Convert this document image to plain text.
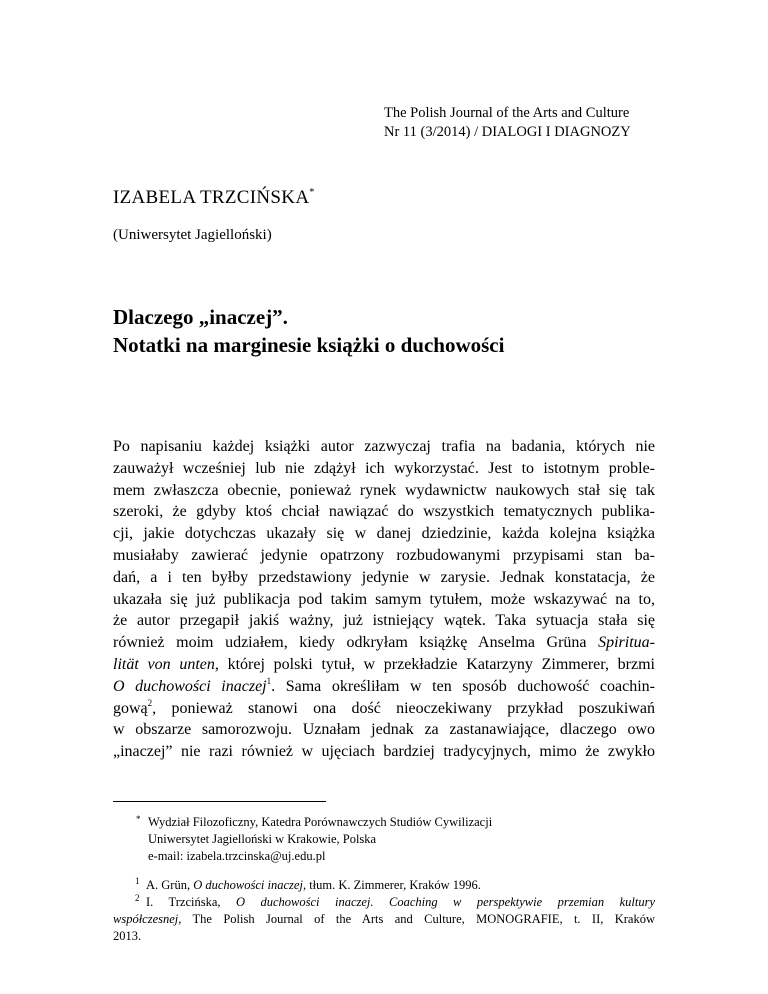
The Polish Journal of the Arts and Culture
Nr 11 (3/2014) / DIALOGI I DIAGNOZY
IZABELA TRZCIŃSKA*
(Uniwersytet Jagielloński)
Dlaczego „inaczej”.
Notatki na marginesie książki o duchowości
Po napisaniu każdej książki autor zazwyczaj trafia na badania, których nie
zauważył wcześniej lub nie zdążył ich wykorzystać. Jest to istotnym proble-
mem zwłaszcza obecnie, ponieważ rynek wydawnictw naukowych stał się tak
szeroki, że gdyby ktoś chciał nawiązać do wszystkich tematycznych publika-
cji, jakie dotychczas ukazały się w danej dziedzinie, każda kolejna książka
musiałaby zawierać jedynie opatrzony rozbudowanymi przypisami stan ba-
dań, a i ten byłby przedstawiony jedynie w zarysie. Jednak konstatacja, że
ukazała się już publikacja pod takim samym tytułem, może wskazywać na to,
że autor przegapił jakiś ważny, już istniejący wątek. Taka sytuacja stała się
również moim udziałem, kiedy odkryłam książkę Anselma Grüna Spiritua-
lität von unten, której polski tytuł, w przekładzie Katarzyny Zimmerer, brzmi
O duchowości inaczej$^1$. Sama określiłam w ten sposób duchowość coachin-
gową$^2$, ponieważ stanowi ona dość nieoczekiwany przykład poszukiwań
w obszarze samorozwoju. Uznałam jednak za zastanawiające, dlaczego owo
„inaczej” nie razi również w ujęciach bardziej tradycyjnych, mimo że zwykło
* Wydział Filozoficzny, Katedra Porównawczych Studiów Cywilizacji
Uniwersytet Jagielloński w Krakowie, Polska
e-mail: izabela.trzcinska@uj.edu.pl
1 A. Grün, O duchowości inaczej, tłum. K. Zimmerer, Kraków 1996.
2 I. Trzcińska, O duchowości inaczej. Coaching w perspektywie przemian kultury
współczesnej, The Polish Journal of the Arts and Culture, MONOGRAFIE, t. II, Kraków
2013.
